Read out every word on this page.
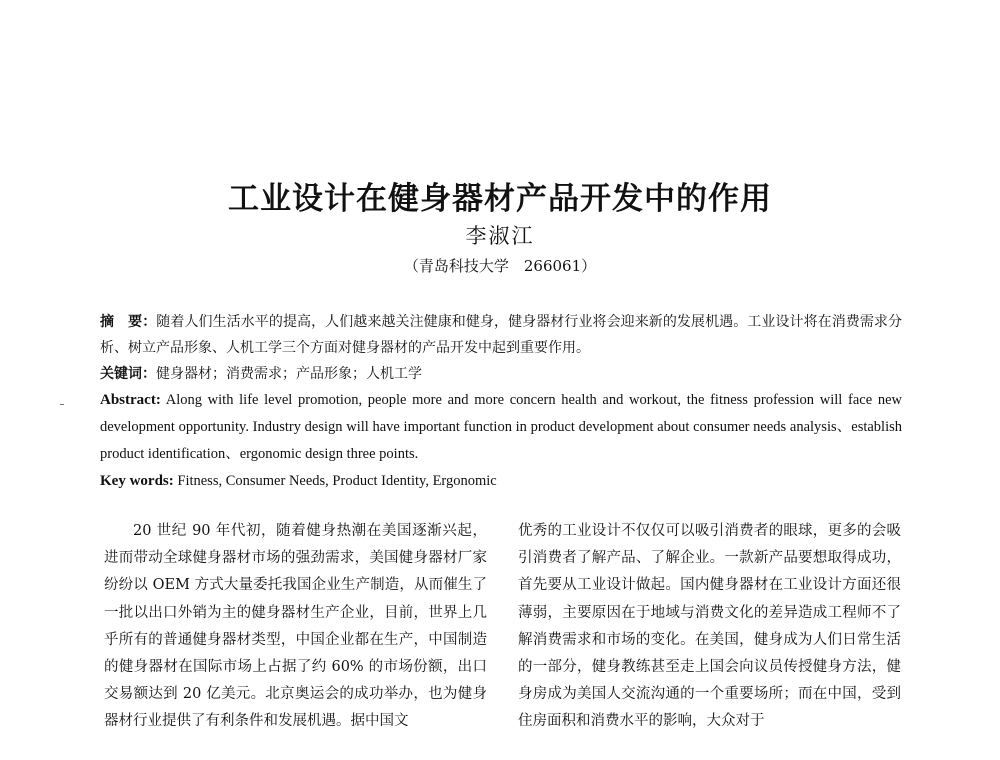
工业设计在健身器材产品开发中的作用
李淑江
（青岛科技大学　266061）

摘　要：随着人们生活水平的提高，人们越来越关注健康和健身，健身器材行业将会迎来新的发展机遇。工业设计将在消费需求分析、树立产品形象、人机工学三个方面对健身器材的产品开发中起到重要作用。

关键词：健身器材；消费需求；产品形象；人机工学

Abstract: Along with life level promotion, people more and more concern health and workout, the fitness profession will face new development opportunity. Industry design will have important function in product development about consumer needs analysis、establish product identification、ergonomic design three points.

Key words: Fitness, Consumer Needs, Product Identity, Ergonomic

20 世纪 90 年代初，随着健身热潮在美国逐渐兴起，进而带动全球健身器材市场的强劲需求，美国健身器材厂家纷纷以 OEM 方式大量委托我国企业生产制造，从而催生了一批以出口外销为主的健身器材生产企业，目前，世界上几乎所有的普通健身器材类型，中国企业都在生产，中国制造的健身器材在国际市场上占据了约 60% 的市场份额，出口交易额达到 20 亿美元。北京奥运会的成功举办，也为健身器材行业提供了有利条件和发展机遇。据中国文

优秀的工业设计不仅仅可以吸引消费者的眼球，更多的会吸引消费者了解产品、了解企业。一款新产品要想取得成功，首先要从工业设计做起。国内健身器材在工业设计方面还很薄弱，主要原因在于地域与消费文化的差异造成工程师不了解消费需求和市场的变化。在美国，健身成为人们日常生活的一部分，健身教练甚至走上国会向议员传授健身方法，健身房成为美国人交流沟通的一个重要场所；而在中国，受到住房面积和消费水平的影响，大众对于
